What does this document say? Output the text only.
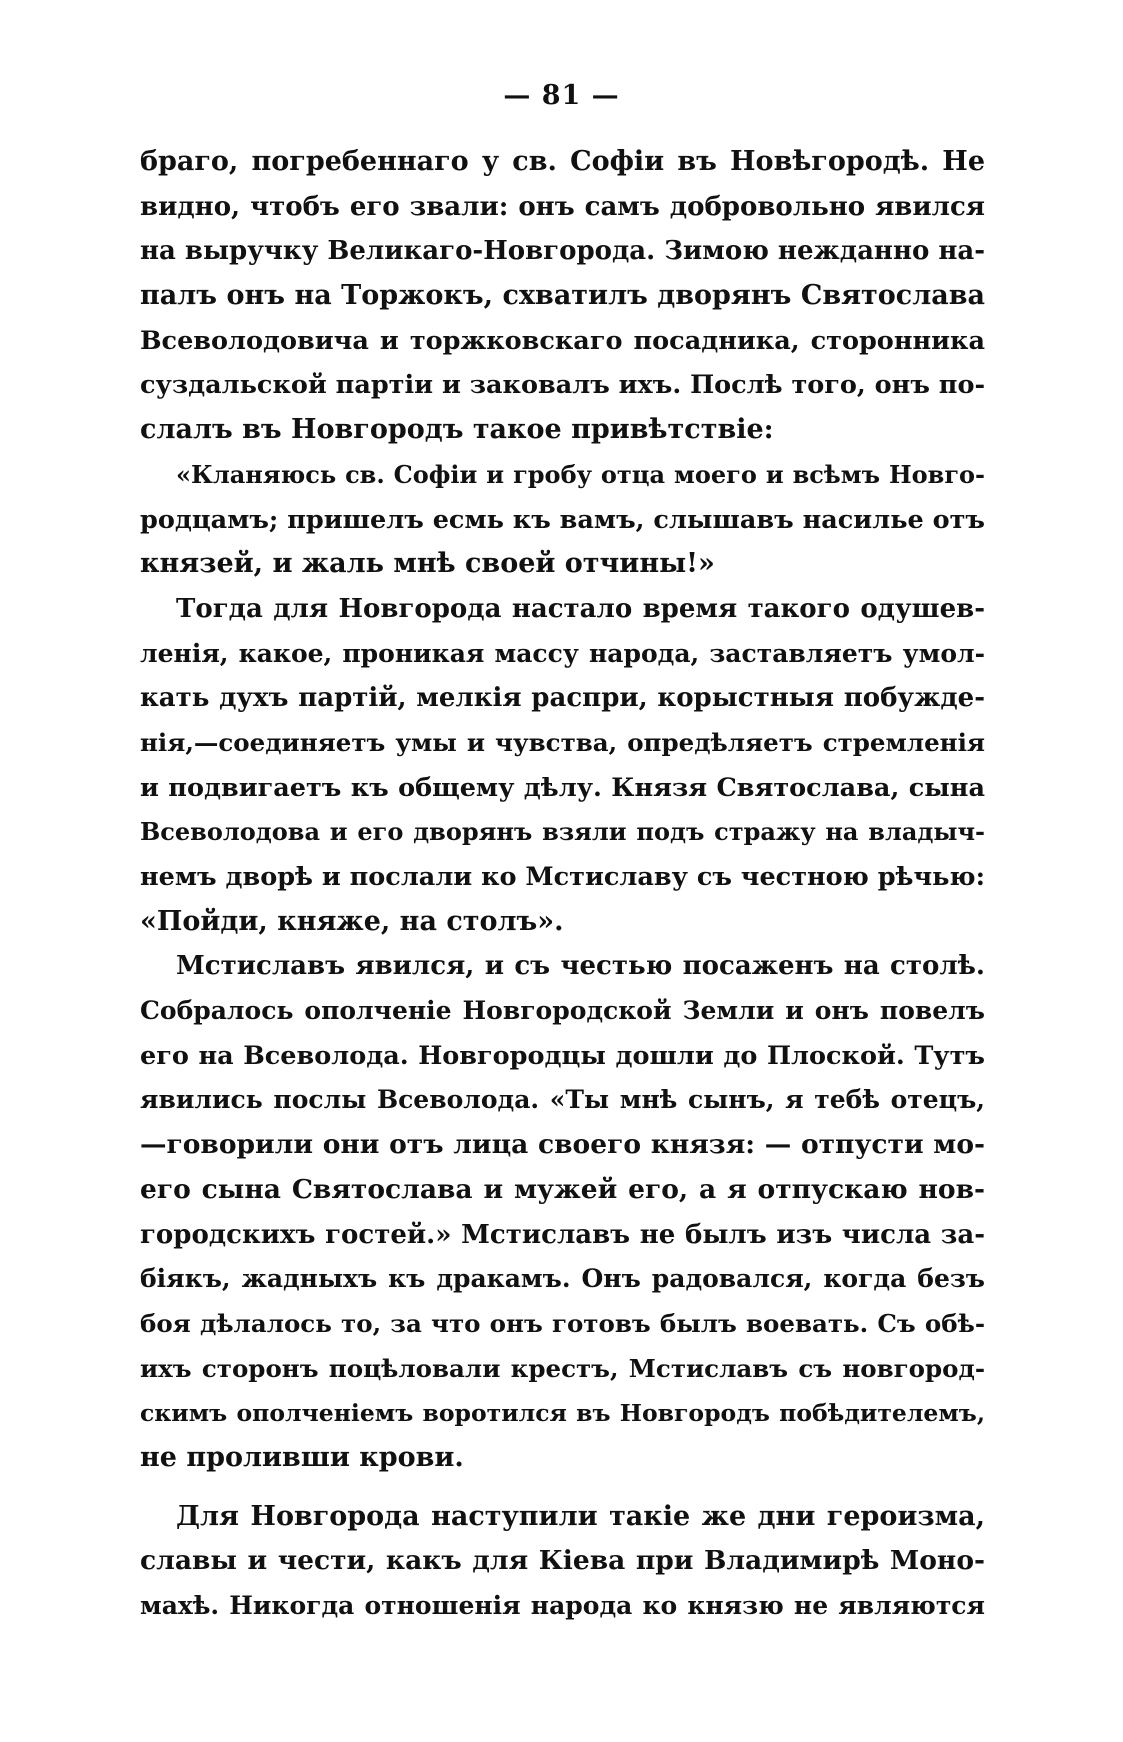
— 81 —
браго, погребеннаго у св. Софіи въ Новѣгородѣ. Не
видно, чтобъ его звали: онъ самъ добровольно явился
на выручку Великаго-Новгорода. Зимою нежданно на-
палъ онъ на Торжокъ, схватилъ дворянъ Святослава
Всеволодовича и торжковскаго посадника, сторонника
суздальской партіи и заковалъ ихъ. Послѣ того, онъ по-
слалъ въ Новгородъ такое привѣтствіе:
«Кланяюсь св. Софіи и гробу отца моего и всѣмъ Новго-
родцамъ; пришелъ есмь къ вамъ, слышавъ насилье отъ
князей, и жаль мнѣ своей отчины!»
Тогда для Новгорода настало время такого одушев-
ленія, какое, проникая массу народа, заставляетъ умол-
кать духъ партій, мелкія распри, корыстныя побужде-
нія,—соединяетъ умы и чувства, опредѣляетъ стремленія
и подвигаетъ къ общему дѣлу. Князя Святослава, сына
Всеволодова и его дворянъ взяли подъ стражу на владыч-
немъ дворѣ и послали ко Мстиславу съ честною рѣчью:
«Пойди, княже, на столъ».
Мстиславъ явился, и съ честью посаженъ на столѣ.
Собралось ополченіе Новгородской Земли и онъ повелъ
его на Всеволода. Новгородцы дошли до Плоской. Тутъ
явились послы Всеволода. «Ты мнѣ сынъ, я тебѣ отецъ,
—говорили они отъ лица своего князя: — отпусти мо-
его сына Святослава и мужей его, а я отпускаю нов-
городскихъ гостей.» Мстиславъ не былъ изъ числа за-
біякъ, жадныхъ къ дракамъ. Онъ радовался, когда безъ
боя дѣлалось то, за что онъ готовъ былъ воевать. Съ обѣ-
ихъ сторонъ поцѣловали крестъ, Мстиславъ съ новгород-
скимъ ополченіемъ воротился въ Новгородъ побѣдителемъ,
не проливши крови.
Для Новгорода наступили такіе же дни героизма,
славы и чести, какъ для Кіева при Владимирѣ Моно-
махѣ. Никогда отношенія народа ко князю не являются
